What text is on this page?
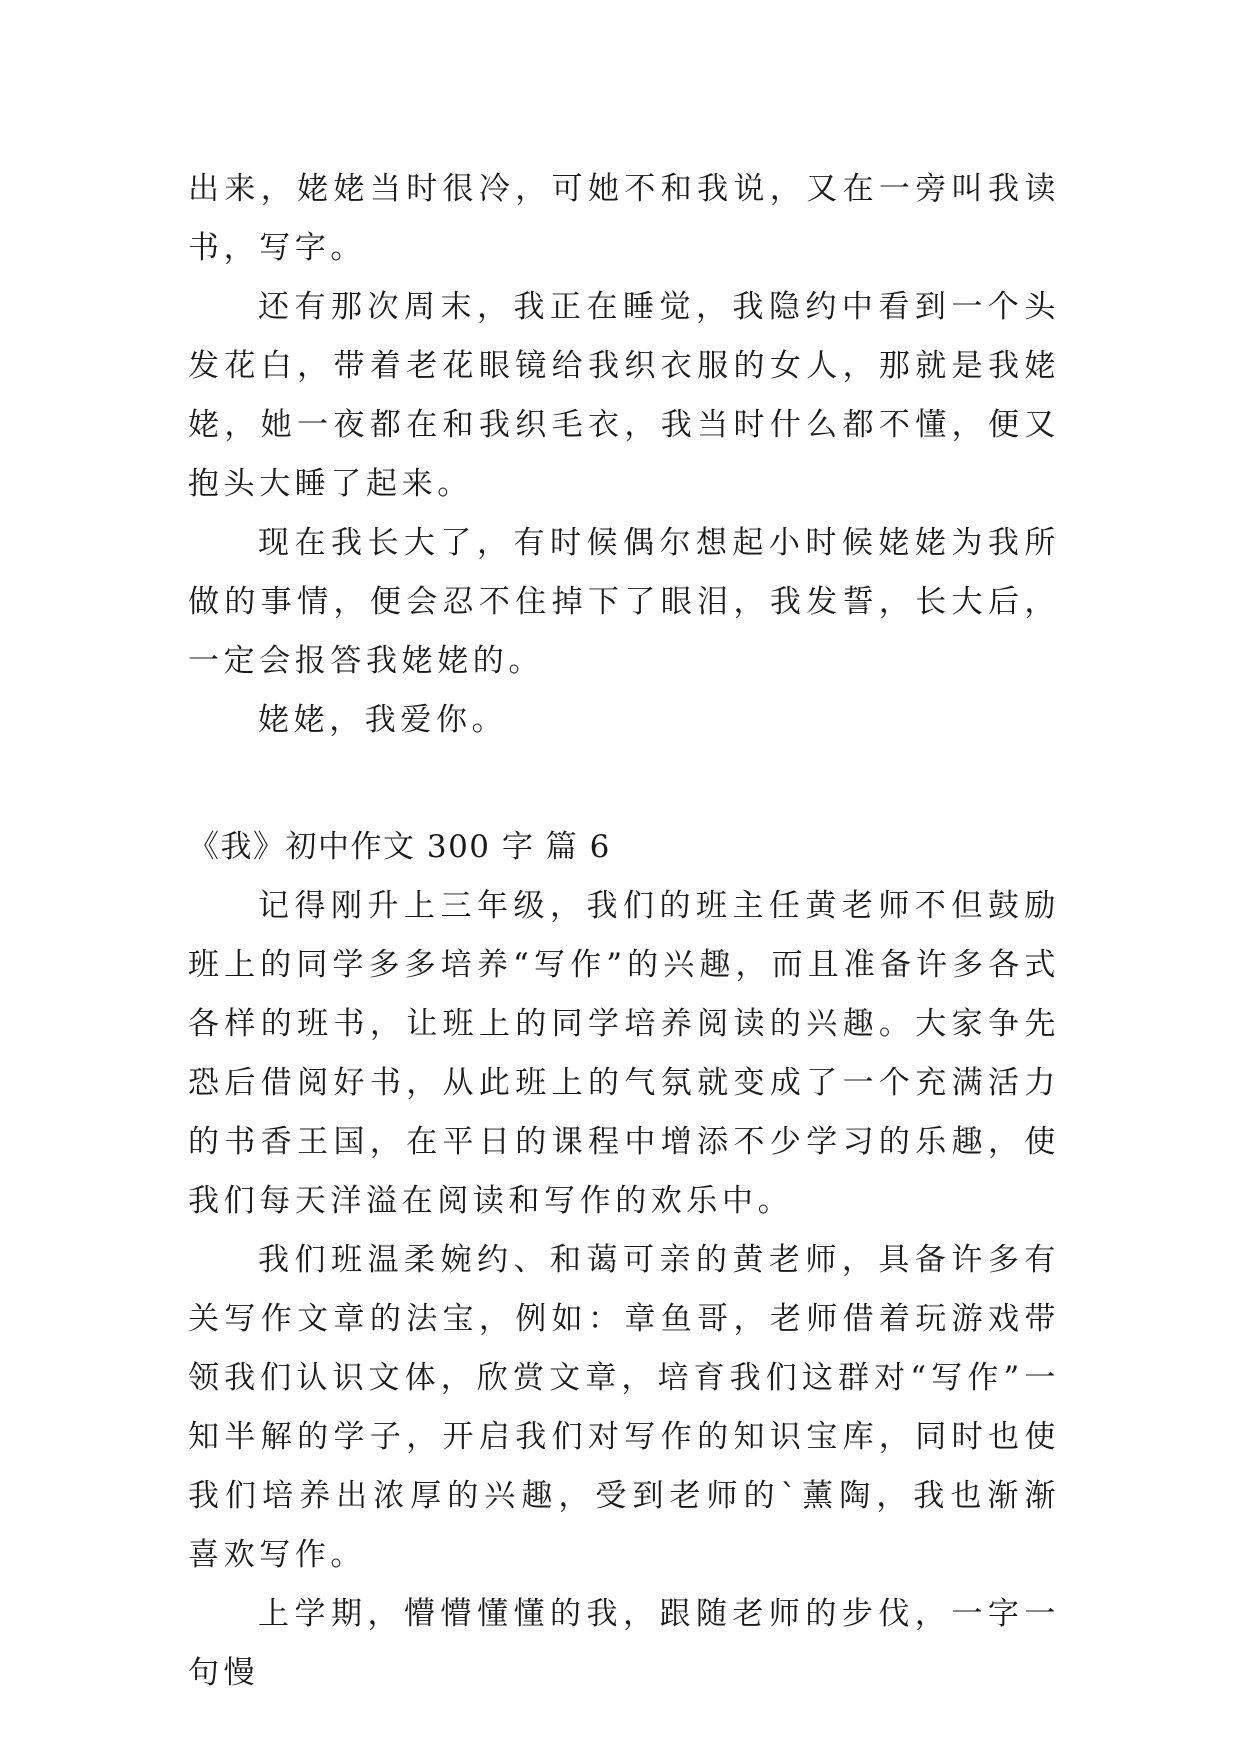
出来，姥姥当时很冷，可她不和我说，又在一旁叫我读书，写字。

还有那次周末，我正在睡觉，我隐约中看到一个头发花白，带着老花眼镜给我织衣服的女人，那就是我姥姥，她一夜都在和我织毛衣，我当时什么都不懂，便又抱头大睡了起来。

现在我长大了，有时候偶尔想起小时候姥姥为我所做的事情，便会忍不住掉下了眼泪，我发誓，长大后，一定会报答我姥姥的。

姥姥，我爱你。

《我》初中作文 300 字 篇 6

记得刚升上三年级，我们的班主任黄老师不但鼓励班上的同学多多培养“写作”的兴趣，而且准备许多各式各样的班书，让班上的同学培养阅读的兴趣。大家争先恐后借阅好书，从此班上的气氛就变成了一个充满活力的书香王国，在平日的课程中增添不少学习的乐趣，使我们每天洋溢在阅读和写作的欢乐中。

我们班温柔婉约、和蔼可亲的黄老师，具备许多有关写作文章的法宝，例如：章鱼哥，老师借着玩游戏带领我们认识文体，欣赏文章，培育我们这群对“写作”一知半解的学子，开启我们对写作的知识宝库，同时也使我们培养出浓厚的兴趣，受到老师的`薰陶，我也渐渐喜欢写作。

上学期，懵懵懂懂的我，跟随老师的步伐，一字一句慢
